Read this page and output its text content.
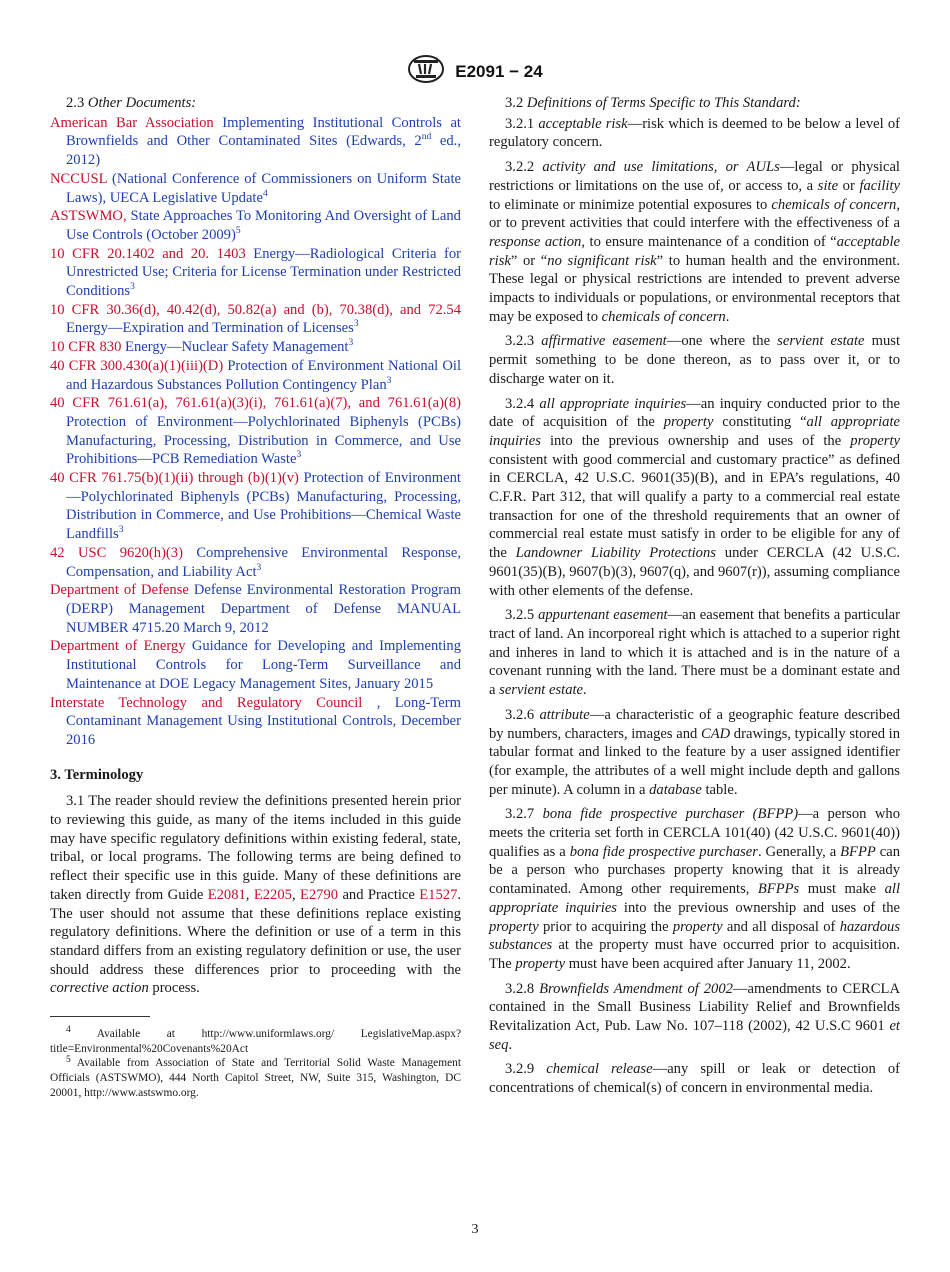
E2091 − 24

2.3 Other Documents:

American Bar Association Implementing Institutional Controls at Brownfields and Other Contaminated Sites (Edwards, 2nd ed., 2012)

NCCUSL (National Conference of Commissioners on Uniform State Laws), UECA Legislative Update$^4$

ASTSWMO, State Approaches To Monitoring And Oversight of Land Use Controls (October 2009)$^5$

10 CFR 20.1402 and 20. 1403 Energy—Radiological Criteria for Unrestricted Use; Criteria for License Termination under Restricted Conditions$^3$

10 CFR 30.36(d), 40.42(d), 50.82(a) and (b), 70.38(d), and 72.54 Energy—Expiration and Termination of Licenses$^3$

10 CFR 830 Energy—Nuclear Safety Management$^3$

40 CFR 300.430(a)(1)(iii)(D) Protection of Environment National Oil and Hazardous Substances Pollution Contingency Plan$^3$

40 CFR 761.61(a), 761.61(a)(3)(i), 761.61(a)(7), and 761.61(a)(8) Protection of Environment—Polychlorinated Biphenyls (PCBs) Manufacturing, Processing, Distribution in Commerce, and Use Prohibitions—PCB Remediation Waste$^3$

40 CFR 761.75(b)(1)(ii) through (b)(1)(v) Protection of Environment—Polychlorinated Biphenyls (PCBs) Manufacturing, Processing, Distribution in Commerce, and Use Prohibitions—Chemical Waste Landfills$^3$

42 USC 9620(h)(3) Comprehensive Environmental Response, Compensation, and Liability Act$^3$

Department of Defense Defense Environmental Restoration Program (DERP) Management Department of Defense MANUAL NUMBER 4715.20 March 9, 2012

Department of Energy Guidance for Developing and Implementing Institutional Controls for Long-Term Surveillance and Maintenance at DOE Legacy Management Sites, January 2015

Interstate Technology and Regulatory Council , Long-Term Contaminant Management Using Institutional Controls, December 2016

3. Terminology

3.1 The reader should review the definitions presented herein prior to reviewing this guide, as many of the items included in this guide may have specific regulatory definitions within existing federal, state, tribal, or local programs. The following terms are being defined to reflect their specific use in this guide. Many of these definitions are taken directly from Guide E2081, E2205, E2790 and Practice E1527. The user should not assume that these definitions replace existing regulatory definitions. Where the definition or use of a term in this standard differs from an existing regulatory definition or use, the user should address these differences prior to proceeding with the corrective action process.

$^4$ Available at http://www.uniformlaws.org/ LegislativeMap.aspx?title=Environmental%20Covenants%20Act

$^5$ Available from Association of State and Territorial Solid Waste Management Officials (ASTSWMO), 444 North Capitol Street, NW, Suite 315, Washington, DC 20001, http://www.astswmo.org.

3.2 Definitions of Terms Specific to This Standard:

3.2.1 acceptable risk—risk which is deemed to be below a level of regulatory concern.

3.2.2 activity and use limitations, or AULs—legal or physical restrictions or limitations on the use of, or access to, a site or facility to eliminate or minimize potential exposures to chemicals of concern, or to prevent activities that could interfere with the effectiveness of a response action, to ensure maintenance of a condition of “acceptable risk” or “no significant risk” to human health and the environment. These legal or physical restrictions are intended to prevent adverse impacts to individuals or populations, or environmental receptors that may be exposed to chemicals of concern.

3.2.3 affirmative easement—one where the servient estate must permit something to be done thereon, as to pass over it, or to discharge water on it.

3.2.4 all appropriate inquiries—an inquiry conducted prior to the date of acquisition of the property constituting “all appropriate inquiries into the previous ownership and uses of the property consistent with good commercial and customary practice” as defined in CERCLA, 42 U.S.C. 9601(35)(B), and in EPA’s regulations, 40 C.F.R. Part 312, that will qualify a party to a commercial real estate transaction for one of the threshold requirements that an owner of commercial real estate must satisfy in order to be eligible for any of the Landowner Liability Protections under CERCLA (42 U.S.C. 9601(35)(B), 9607(b)(3), 9607(q), and 9607(r)), assuming compliance with other elements of the defense.

3.2.5 appurtenant easement—an easement that benefits a particular tract of land. An incorporeal right which is attached to a superior right and inheres in land to which it is attached and is in the nature of a covenant running with the land. There must be a dominant estate and a servient estate.

3.2.6 attribute—a characteristic of a geographic feature described by numbers, characters, images and CAD drawings, typically stored in tabular format and linked to the feature by a user assigned identifier (for example, the attributes of a well might include depth and gallons per minute). A column in a database table.

3.2.7 bona fide prospective purchaser (BFPP)—a person who meets the criteria set forth in CERCLA 101(40) (42 U.S.C. 9601(40)) qualifies as a bona fide prospective purchaser. Generally, a BFPP can be a person who purchases property knowing that it is already contaminated. Among other requirements, BFPPs must make all appropriate inquiries into the previous ownership and uses of the property prior to acquiring the property and all disposal of hazardous substances at the property must have occurred prior to acquisition. The property must have been acquired after January 11, 2002.

3.2.8 Brownfields Amendment of 2002—amendments to CERCLA contained in the Small Business Liability Relief and Brownfields Revitalization Act, Pub. Law No. 107–118 (2002), 42 U.S.C 9601 et seq.

3.2.9 chemical release—any spill or leak or detection of concentrations of chemical(s) of concern in environmental media.

3
